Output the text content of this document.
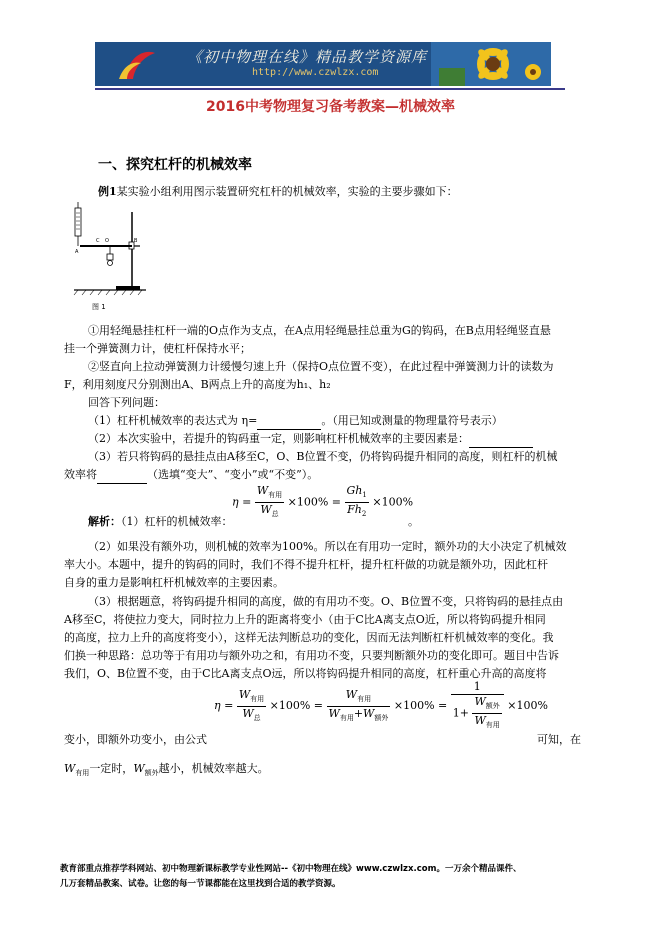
《初中物理在线》精品教学资源库
http://www.czwlzx.com
2016中考物理复习备考教案—机械效率
一、探究杠杆的机械效率
例1某实验小组利用图示装置研究杠杆的机械效率，实验的主要步骤如下：
A
C O	B
图 1
①用轻绳悬挂杠杆一端的O点作为支点，在A点用轻绳悬挂总重为G的钩码，在B点用轻绳竖直悬
挂一个弹簧测力计，使杠杆保持水平；
②竖直向上拉动弹簧测力计缓慢匀速上升（保持O点位置不变），在此过程中弹簧测力计的读数为
F，利用刻度尺分别测出A、B两点上升的高度为h₁、h₂
回答下列问题：
（1）杠杆机械效率的表达式为 η=	。（用已知或测量的物理量符号表示）
（2）本次实验中，若提升的钩码重一定，则影响杠杆机械效率的主要因素是：
（3）若只将钩码的悬挂点由A移至C，O、B位置不变，仍将钩码提升相同的高度，则杠杆的机械
效率将	（选填“变大”、“变小”或“不变”）。
$\eta = \frac{W_{有用}}{W_总} \times 100\% = \frac{Gh_1}{Fh_2} \times 100\%$
解析：（1）杠杆的机械效率：	。
（2）如果没有额外功，则机械的效率为100%。所以在有用功一定时，额外功的大小决定了机械效
率大小。本题中，提升的钩码的同时，我们不得不提升杠杆，提升杠杆做的功就是额外功，因此杠杆
自身的重力是影响杠杆机械效率的主要因素。
（3）根据题意，将钩码提升相同的高度，做的有用功不变。O、B位置不变，只将钩码的悬挂点由
A移至C，将使拉力变大，同时拉力上升的距离将变小（由于C比A离支点O近，所以将钩码提升相同
的高度，拉力上升的高度将变小），这样无法判断总功的变化，因而无法判断杠杆机械效率的变化。我
们换一种思路：总功等于有用功与额外功之和，有用功不变，只要判断额外功的变化即可。题目中告诉
我们，O、B位置不变，由于C比A离支点O远，所以将钩码提升相同的高度，杠杆重心升高的高度将
$\eta = \frac{W_{有用}}{W_总} \times 100\% = \frac{W_{有用}}{W_{有用}+W_{额外}} \times 100\% = \frac{1}{1+ \frac{W_{额外}}{W_{有用}}} \times 100\%$
变小，即额外功变小，由公式	可知，在
$W_{有用}$一定时，$W_{额外}$越小，机械效率越大。
教育部重点推荐学科网站、初中物理新课标教学专业性网站--《初中物理在线》www.czwlzx.com。一万余个精品课件、
几万套精品教案、试卷。让您的每一节课都能在这里找到合适的教学资源。
